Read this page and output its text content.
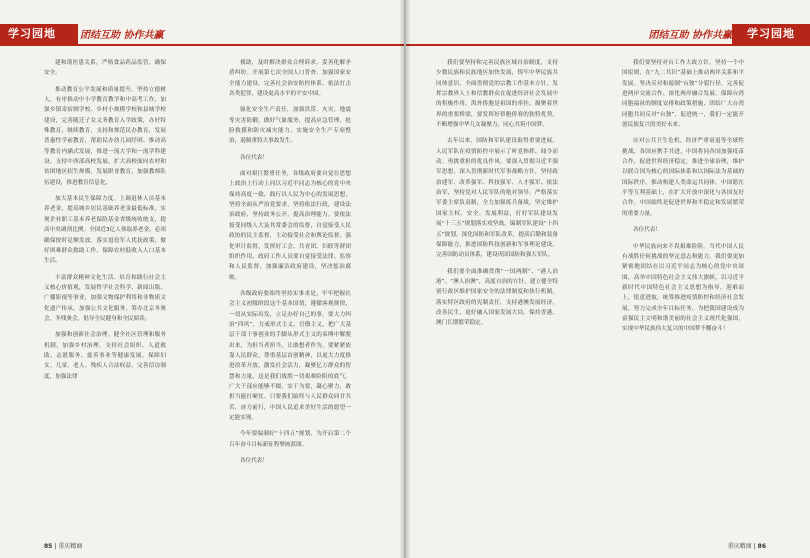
学习园地	团结互助 协作共赢

建和谐医患关系，严格食品药品监管，确保安全。

推动教育公平发展和质量提升。坚持立德树人，有序推动中小学教育教学和中高考工作，加强乡镇寄宿制学校、乡村小规模学校和县城学校建设，完善随迁子女义务教育入学政策，办好特殊教育、继续教育，支持和规范民办教育，发展普惠性学前教育，帮助民办幼儿园纾困。推动高等教育内涵式发展，推进一流大学和一流学科建设，支持中西部高校发展，扩大高校面向农村和贫困地区招生规模，发展职业教育，加强教师队伍建设，推进教育信息化。

加大基本民生保障力度。上调退休人员基本养老金，提高城乡居民基础养老金最低标准，实现企业职工基本养老保险基金省级统收统支，提高中央调剂比例。全国近3亿人领取养老金，必须确保按时足额发放。落实退役军人优抚政策，做好困难群众救助工作，保障农村低收入人口基本生活。

丰富群众精神文化生活。培育和践行社会主义核心价值观，发展哲学社会科学、新闻出版、广播影视等事业，加强文物保护利用和非物质文化遗产传承，加强公共文化服务，筹办北京冬奥会，冬残奥会，倡导全民健身和全民阅读。

加强和创新社会治理。健全社区管理和服务机制，加强乡村治理，支持社会组织、人道救助、志愿服务、慈善事业等健康发展，保障妇女、儿童、老人、残疾人合法权益，完善信访制度，加强法律

援助，及时解决群众合理诉求。妥善化解矛盾纠纷。开展第七次全国人口普查。加强国家安全能力建设。完善社会治安防控体系，依法打击各类犯罪，建设更高水平的平安中国。

强化安全生产责任，加强洪涝、火灾、地震等灾害防御，做好气象服务，提高应急管理、抢险救援和防灾减灾能力，实施安全生产专项整治，遏制重特大事故发生。

各位代表！

面对艰巨繁重任务，各级政府要自觉在思想上政治上行动上同以习近平同志为核心的党中央保持高度一致，践行以人民为中心的发展思想，坚持全面从严治党要求，坚持依法行政，建设法治政府，坚持政务公开，提高治理能力。要依法接受同级人大及其常委会的监督，自觉接受人民政协的民主监督，主动接受社会和舆论监督。强化审计监督，发挥好工会、共青团、妇联等群团组织作用。政府工作人员要自觉接受法律、监察和人民监督，加强廉洁政府建设，坚决惩治腐败。

各级政府要始终坚持实事求是，牢牢把握社会主义初级阶段这个基本国情，遵循客观规律，一切从实际出发，立足办好自己的事。要大力纠治“四风”，力戒形式主义、官僚主义，把广大基层干部干事创业的手脚从形式主义的束缚中解脱出来，为担当者担当，让敢想者作为，要紧紧依靠人民群众，尊重基层首创精神，以更大力度推进改革开放，激发社会活力，凝聚亿万群众的智慧和力量，这是我们战胜一切艰难险阻的底气。广大干部应能够不辍、实干为要，凝心聚力，敢担当能打硬仗、只要我们始终与人民群众同甘共苦，奋力前行，中国人民追求美好生活的愿望一定能实现。

今年要编制好“十四五”规划，为开启第二个百年奋斗目标新征程擘画蓝图。

各位代表！

85 | 重庆精商
团结互助 协作共赢	学习园地

我们要坚持和完善民族区域自治制度，支持少数民族和民族地区加快发展，铸牢中华民族共同体意识。全面贯彻党的宗教工作基本方针，发挥宗教界人士和信教群众在促进经济社会发展中的积极作用。海外侨胞是祖国的牵挂，凝聚着世界的重要桥梁，要发挥好侨胞侨眷的独特优势，不断增强中华儿女凝聚力，同心共筑中国梦。

去年以来，国防和军队建设取得重要进展，人民军队在疫情防控中展示了听党指挥、闻令而动、勇挑重担的优良作风。要深入贯彻习近平强军思想，深入贯彻新时代军事战略方针，坚持政治建军、改革强军、科技强军、人才强军、依法治军，坚持党对人民军队的绝对领导，严格落实军委主席负责制，全力加强练兵备战，坚定维护国家主权、安全、发展利益，打好军队建设发展“十三五”规划落实攻坚战，编制军队建设“十四五”规划。深化国防和军队改革，提高后勤和装备保障能力，推进国防科技创新和军事理论建设，完善国防动员体系，建设巩固国防和强大军队。

我们要全面准确贯彻“一国两制”、“港人治港”、“澳人治澳”，高度自治的方针，建立健全特别行政区维护国家安全的法律制度和执行机制，落实特区政府的宪制责任，支持港澳发展经济，改善民生，更好融入国家发展大局，保持香港、澳门长期繁荣稳定。

我们要坚持对台工作大政方针，坚持一个中国原则，在“九二共识”基础上推动两岸关系和平发展。坚决反对和遏制“台独”分裂行径，完善促进两岸交流合作、深化两岸融合发展、保障台湾同胞福祉的制度安排和政策措施，团结广大台湾同胞共同反对“台独”，促进统一，我们一定能开创民族复兴的美好未来。

应对公共卫生危机，经济严重衰退等全球性挑战，各国应携手共进，中国将同各国加强疫苗合作，促进世界经济稳定，推进全球治理，维护以联合国为核心的国际体系和以国际法为基础的国际秩序。推动构建人类命运共同体。中国愿在平等互利基础上，在扩大开放中深化与各国友好合作。中国始终是促进世界和平稳定和发展繁荣的重要力量。

各位代表！

中华民族向来不畏艰难险阻。当代中国人民有战胜任何挑战的坚定意志和能力。我们要更加紧密地团结在以习近平同志为核心的党中央周围，高举中国特色社会主义伟大旗帜，以习近平新时代中国特色社会主义思想为指导，迎难而上，锐意进取，统筹推进疫情防控和经济社会发展，努力完成全年目标任务，为把我国建设成为富强民主文明和谐美丽的社会主义现代化强国，实现中华民族伟大复兴的中国梦不懈奋斗！

重庆精商 | 86
